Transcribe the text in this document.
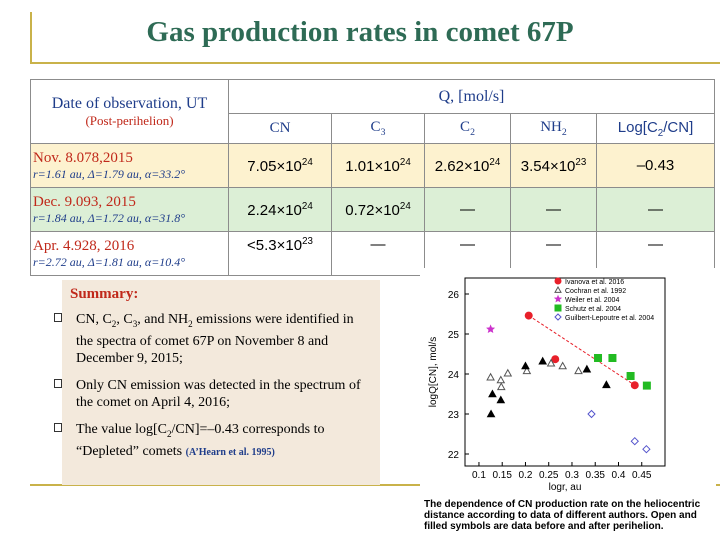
Gas production rates in comet 67P
Date of observation, UT
(Post-perihelion)	Q, [mol/s]				
	CN	$C_3$	$C_2$	$NH_2$	$Log[C_2/CN]$

Nov. 8.078,2015
r=1.61 au, Δ=1.79 au, α=33.2°	$7.05\times 10^{24}$	$1.01\times 10^{24}$	$2.62\times 10^{24}$	$3.54\times 10^{23}$	–0.43

Dec. 9.093, 2015
r=1.84 au, Δ=1.72 au, α=31.8°	$2.24\times 10^{24}$	$0.72\times 10^{24}$	—	—	—

Apr. 4.928, 2016
r=2.72 au, Δ=1.81 au, α=10.4°	$<5.3\times 10^{23}$	—	—	—	—
Summary:
CN, $C_2$, $C_3$, and $NH_2$ emissions were identified in the spectra of comet 67P on November 8 and December 9, 2015;
Only CN emission was detected in the spectrum of the comet on April 4, 2016;
The value $\log[C_2/CN]=-0.43$ corresponds to “Depleted” comets (A’Hearn et al. 1995)
0.1 0.15 0.2 0.25 0.3 0.35 0.4 0.45
22
23
24
25
26
logr, au
logQ[CN], mol/s
Ivanova et al. 2016
Cochran et al. 1992
Weiler et al. 2004
Schutz et al. 2004
Guilbert-Lepoutre et al. 2004
The dependence of CN production rate on the heliocentric distance according to data of different authors. Open and filled symbols are data before and after perihelion.
